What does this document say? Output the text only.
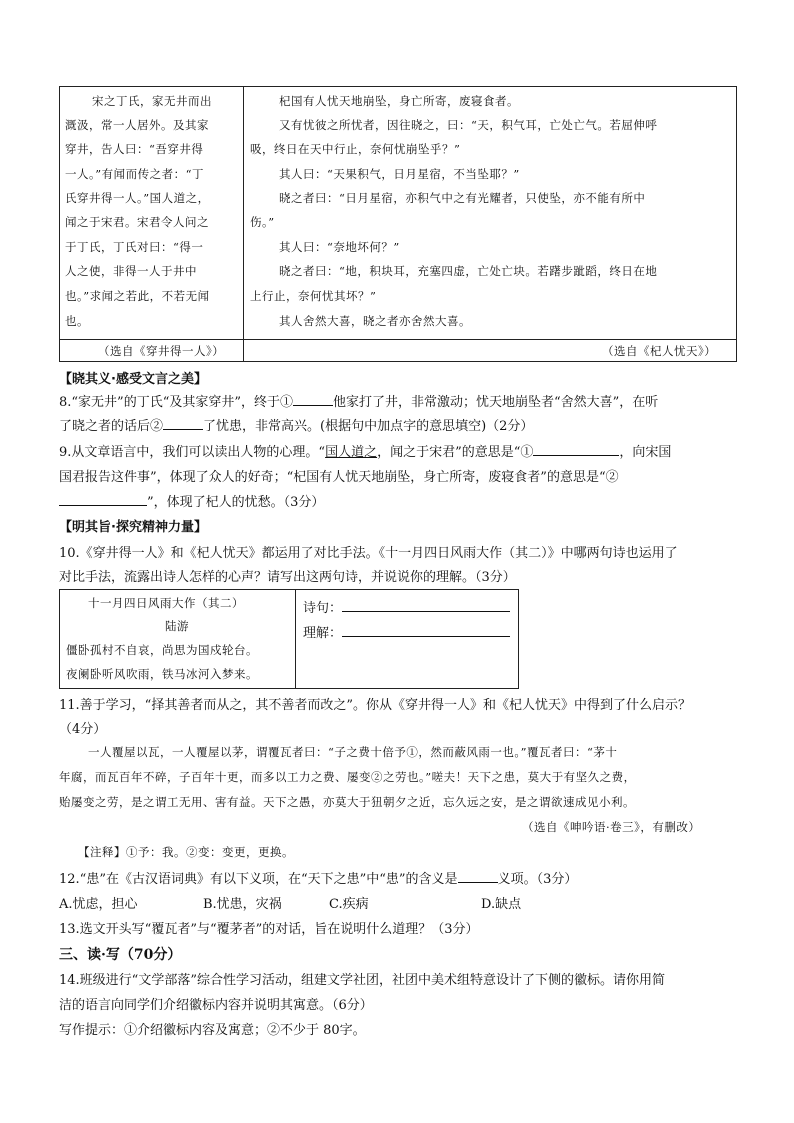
宋之丁氏，家无井而出
溉汲，常一人居外。及其家
穿井，告人曰：“吾穿井得
一人。”有闻而传之者：“丁
氏穿井得一人。”国人道之，
闻之于宋君。宋君令人问之
于丁氏，丁氏对曰：“得一
人之使，非得一人于井中
也。”求闻之若此，不若无闻
也。
（选自《穿井得一人》）
杞国有人忧天地崩坠，身亡所寄，废寝食者。
又有忧彼之所忧者，因往晓之，曰：“天，积气耳，亡处亡气。若屈伸呼
吸，终日在天中行止，奈何忧崩坠乎？”
其人曰：“天果积气，日月星宿，不当坠耶？”
晓之者曰：“日月星宿，亦积气中之有光耀者，只使坠，亦不能有所中
伤。”
其人曰：“奈地坏何？”
晓之者曰：“地，积块耳，充塞四虚，亡处亡块。若躇步跐蹈，终日在地
上行止，奈何忧其坏？”
其人舍然大喜，晓之者亦舍然大喜。
（选自《杞人忧天》）
【晓其义·感受文言之美】
8.“家无井”的丁氏“及其家穿井”，终于①	他家打了井，非常激动；忧天地崩坠者“舍然大喜”，在听
了晓之者的话后②	了忧患，非常高兴。(根据句中加点字的意思填空)（2分）
9.从文章语言中，我们可以读出人物的心理。“国人道之，闻之于宋君”的意思是“①	，向宋国
国君报告这件事”，体现了众人的好奇；“杞国有人忧天地崩坠，身亡所寄，废寝食者”的意思是“②
”，体现了杞人的忧愁。（3分）
【明其旨·探究精神力量】
10.《穿井得一人》和《杞人忧天》都运用了对比手法。《十一月四日风雨大作（其二）》中哪两句诗也运用了
对比手法，流露出诗人怎样的心声？请写出这两句诗，并说说你的理解。（3分）
十一月四日风雨大作（其二）
陆游
僵卧孤村不自哀，尚思为国戍轮台。
夜阑卧听风吹雨，铁马冰河入梦来。
诗句：
理解：
11.善于学习，“择其善者而从之，其不善者而改之”。你从《穿井得一人》和《杞人忧天》中得到了什么启示？
（4分）
一人覆屋以瓦，一人覆屋以茅，谓覆瓦者曰：“子之费十倍予①，然而蔽风雨一也。”覆瓦者曰：“茅十
年腐，而瓦百年不碎，子百年十更，而多以工力之费、屡变②之劳也。”嗟夫！天下之患，莫大于有坚久之费，
贻屡变之劳，是之谓工无用、害有益。天下之愚，亦莫大于狃朝夕之近，忘久远之安，是之谓欲速成见小利。
（选自《呻吟语·卷三》，有删改）
【注释】①予：我。②变：变更，更换。
12.“患”在《古汉语词典》有以下义项，在“天下之患”中“患”的含义是	义项。（3分）
A.忧虑，担心	B.忧患，灾祸	C.疾病	D.缺点
13.选文开头写“覆瓦者”与“覆茅者”的对话，旨在说明什么道理？（3分）
三、读·写（70分）
14.班级进行“文学部落”综合性学习活动，组建文学社团，社团中美术组特意设计了下侧的徽标。请你用简
洁的语言向同学们介绍徽标内容并说明其寓意。（6分）
写作提示：①介绍徽标内容及寓意；②不少于 80字。
